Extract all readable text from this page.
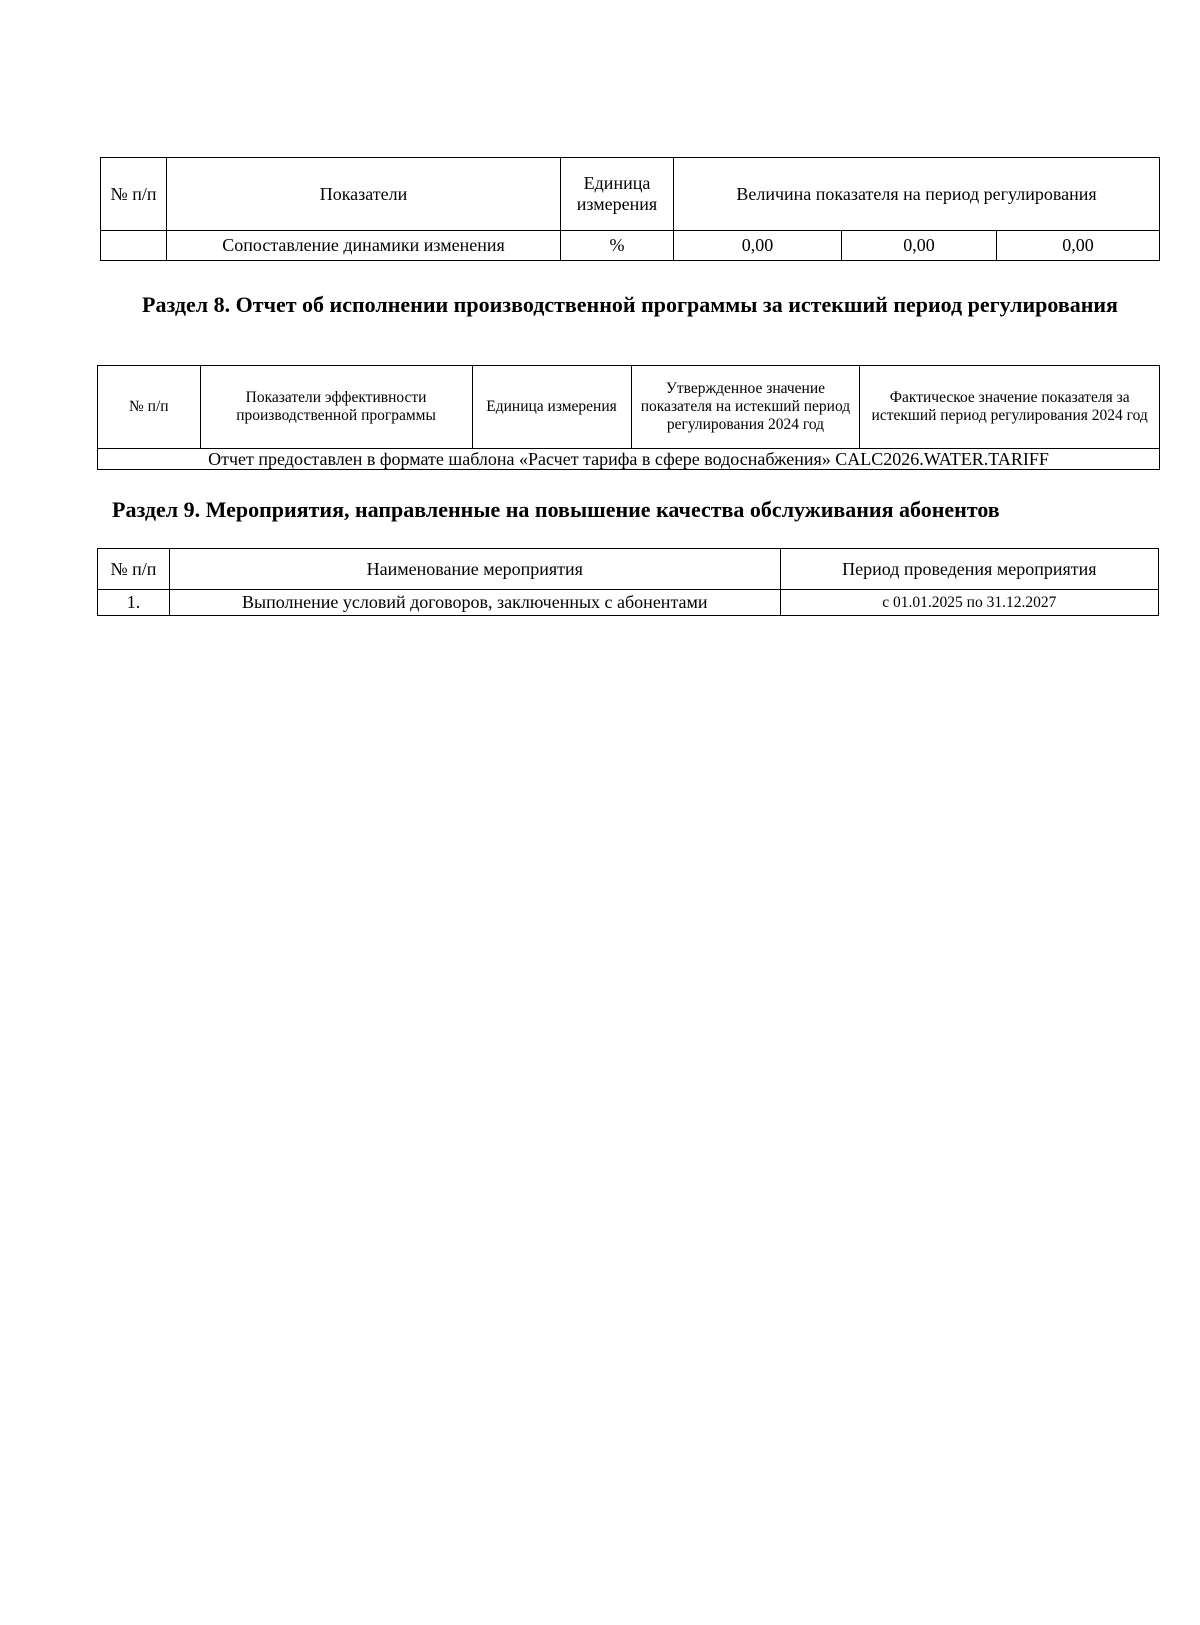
№ п/п	Показатели	Единица измерения	Величина показателя на период регулирования		
	Сопоставление динамики изменения	%	0,00	0,00	0,00
Раздел 8. Отчет об исполнении производственной программы за истекший период регулирования
№ п/п	Показатели эффективности производственной программы	Единица измерения	Утвержденное значение показателя на истекший период регулирования 2024 год	Фактическое значение показателя за истекший период регулирования 2024 год
Отчет предоставлен в формате шаблона «Расчет тарифа в сфере водоснабжения» CALC2026.WATER.TARIFF
Раздел 9. Мероприятия, направленные на повышение качества обслуживания абонентов
№ п/п	Наименование мероприятия	Период проведения мероприятия
1.	Выполнение условий договоров, заключенных с абонентами	с 01.01.2025 по 31.12.2027
